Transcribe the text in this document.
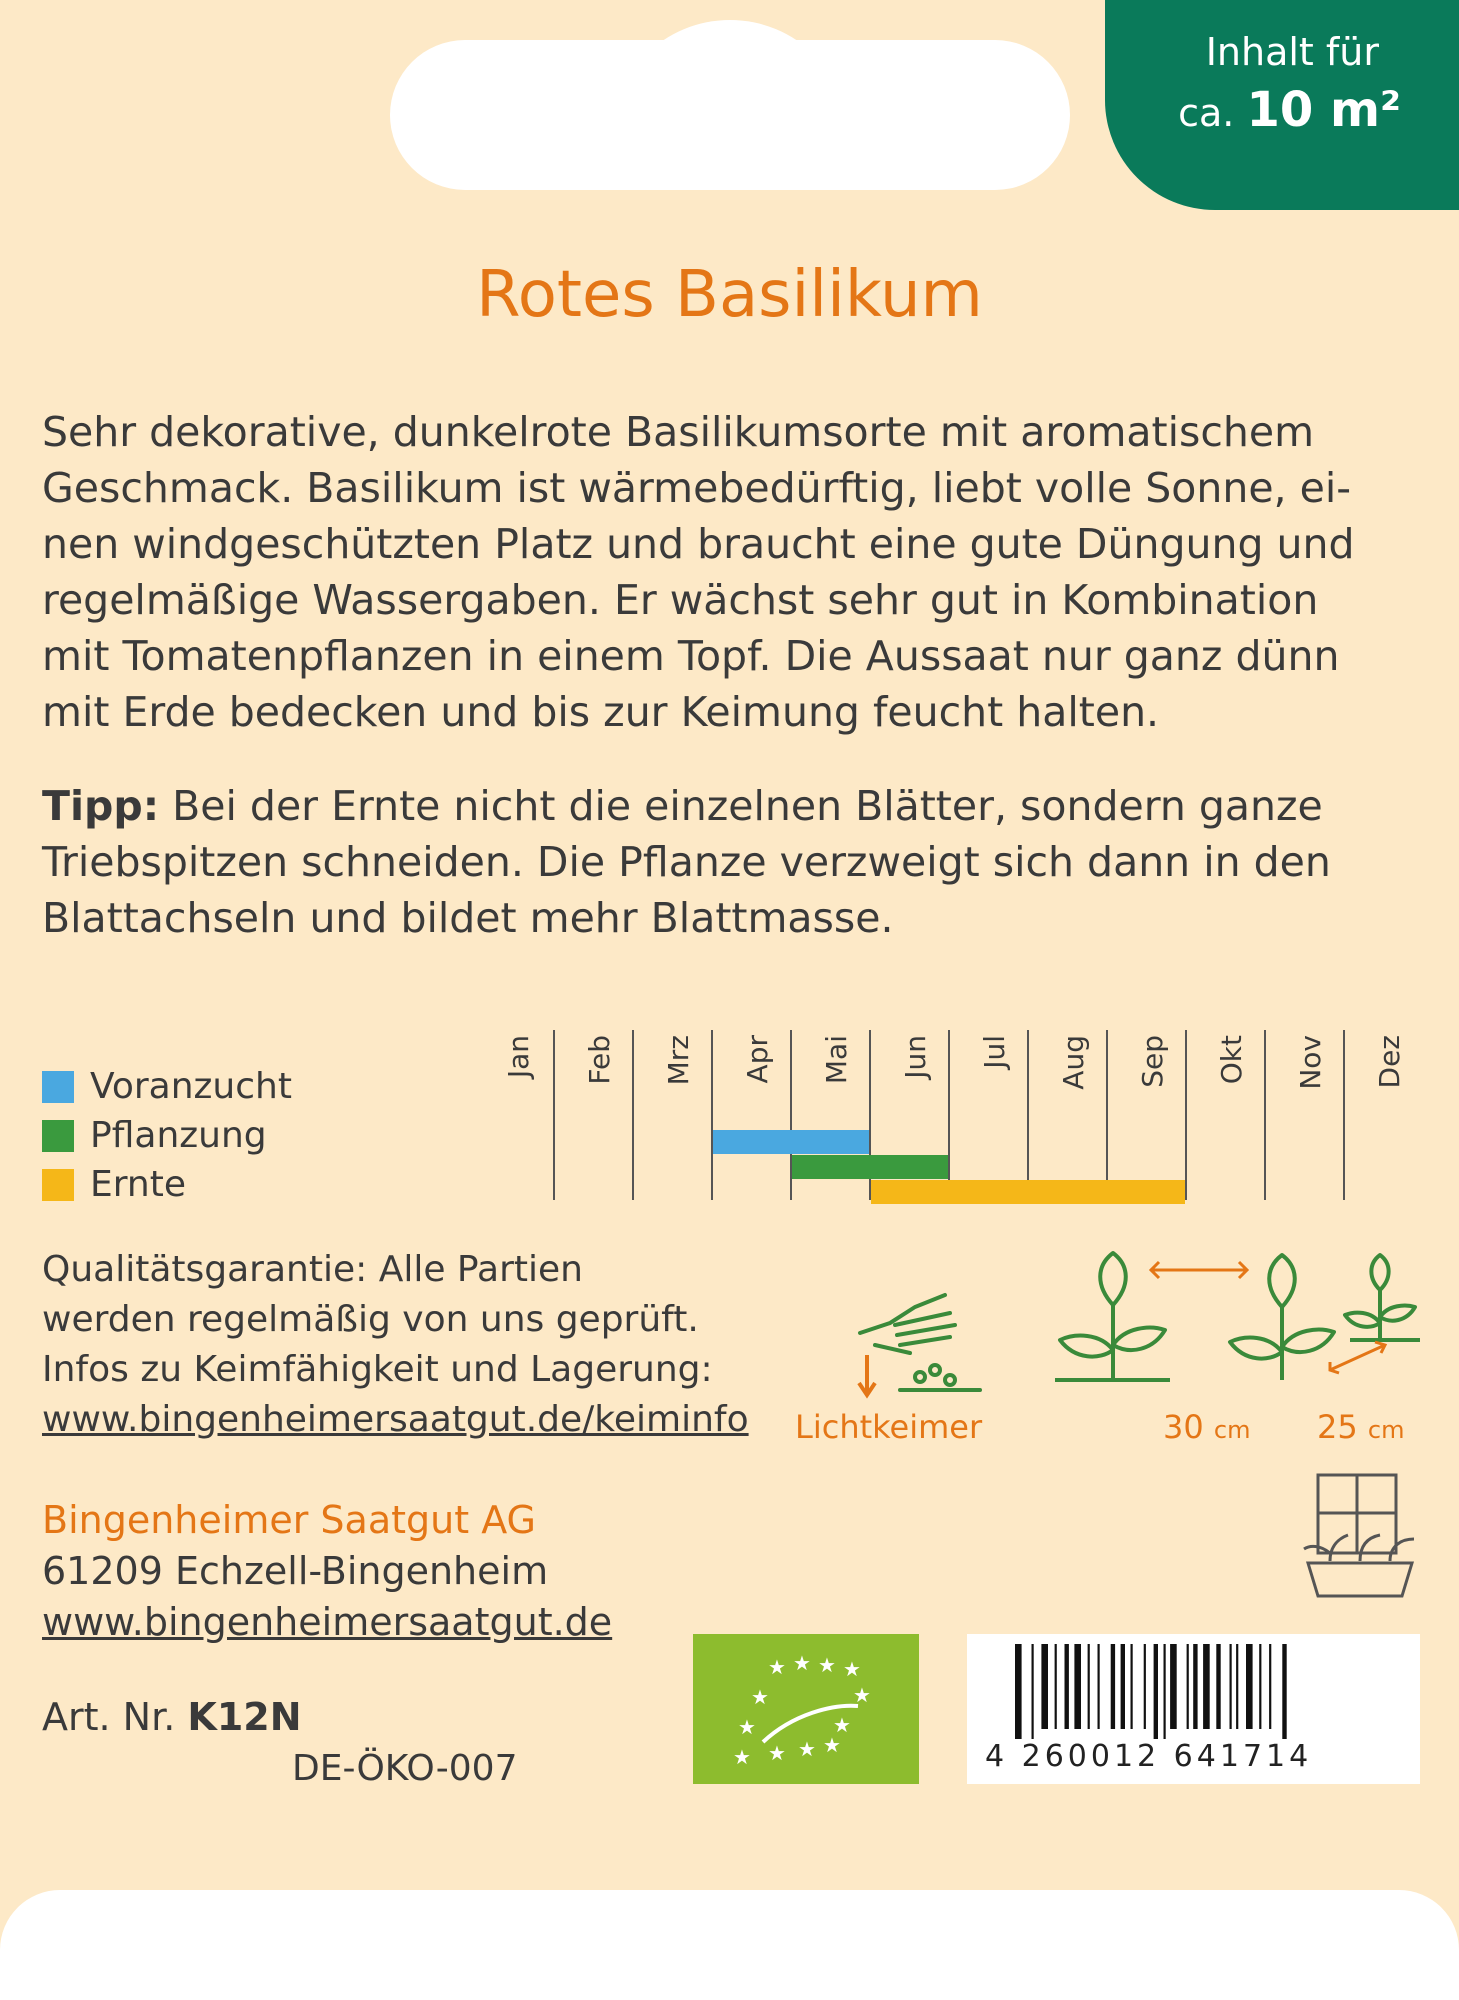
Inhalt für
ca. 10 m²
Rotes Basilikum
Sehr dekorative, dunkelrote Basilikumsorte mit aromatischem
Geschmack. Basilikum ist wärmebedürftig, liebt volle Sonne, ei-
nen windgeschützten Platz und braucht eine gute Düngung und
regelmäßige Wassergaben. Er wächst sehr gut in Kombination
mit Tomatenpflanzen in einem Topf. Die Aussaat nur ganz dünn
mit Erde bedecken und bis zur Keimung feucht halten.
Tipp: Bei der Ernte nicht die einzelnen Blätter, sondern ganze
Triebspitzen schneiden. Die Pflanze verzweigt sich dann in den
Blattachseln und bildet mehr Blattmasse.
Voranzucht
Pflanzung
Ernte
Jan Feb Mrz Apr Mai Jun Jul Aug Sep Okt Nov Dez
Qualitätsgarantie: Alle Partien
werden regelmäßig von uns geprüft.
Infos zu Keimfähigkeit und Lagerung:
www.bingenheimersaatgut.de/keiminfo Lichtkeimer	30 cm 25 cm
Bingenheimer Saatgut AG
61209 Echzell-Bingenheim
www.bingenheimersaatgut.de
Art. Nr. K12N
DE-ÖKO-007
★ ★ ★ ★
★	★
★	★
★ ★ ★ ★	4 260012 641714
